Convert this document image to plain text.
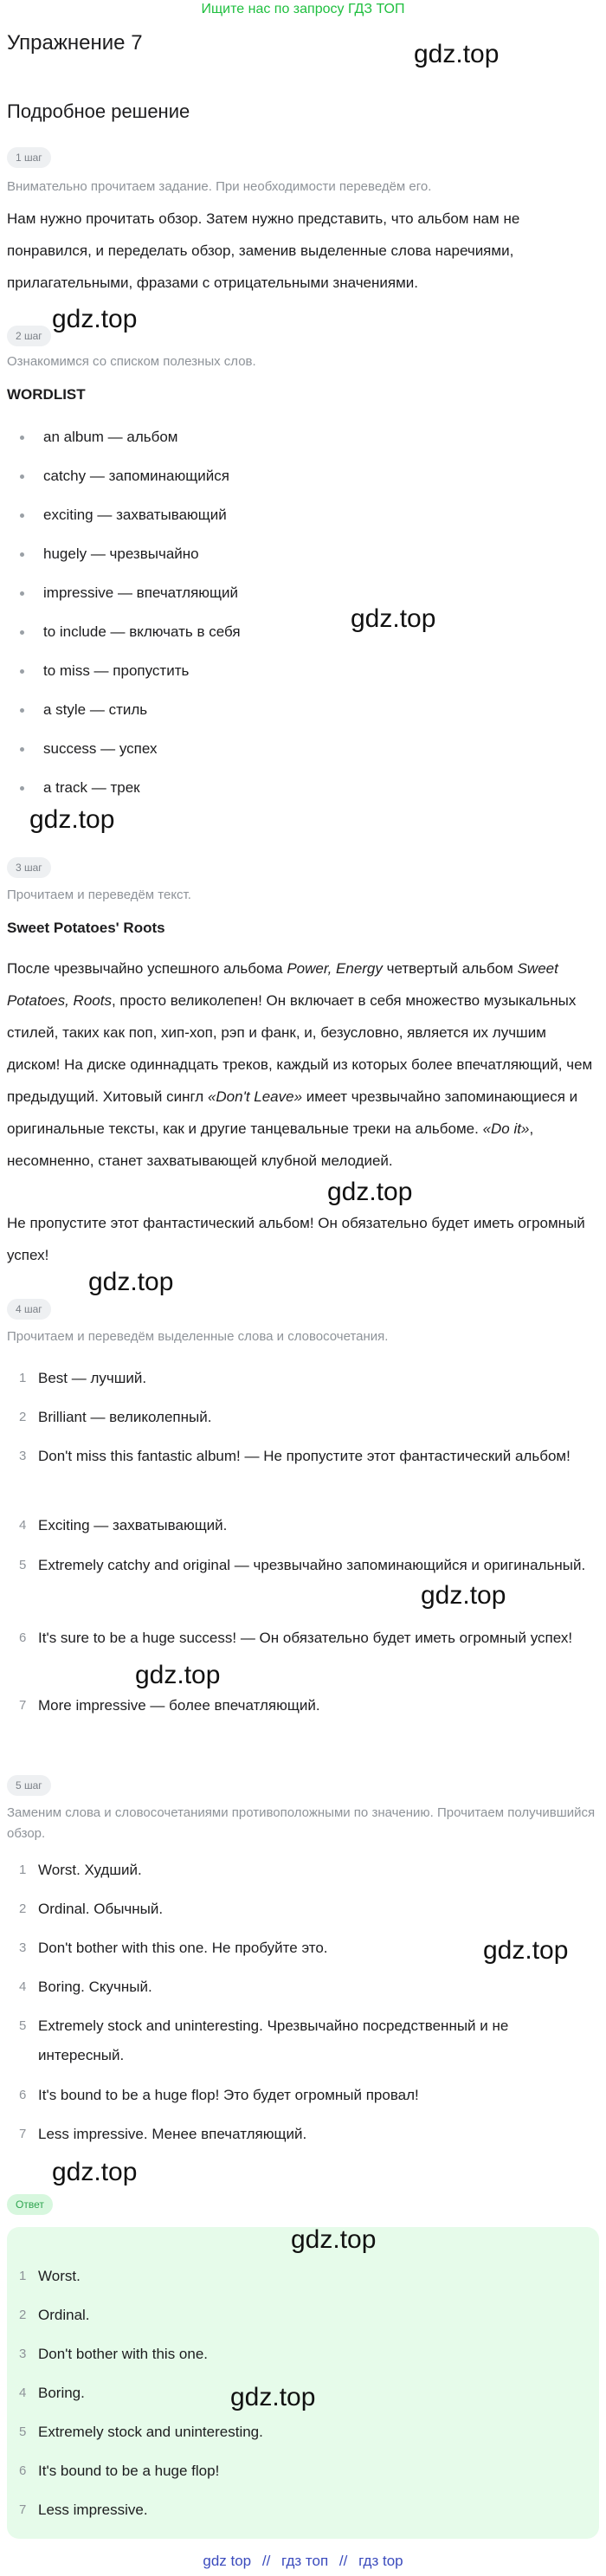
Ищите нас по запросу ГДЗ ТОП
Упражнение 7
Подробное решение
1 шаг
Внимательно прочитаем задание. При необходимости переведём его.

Нам нужно прочитать обзор. Затем нужно представить, что альбом нам не понравился, и переделать обзор, заменив выделенные слова наречиями, прилагательными, фразами с отрицательными значениями.

2 шаг
Ознакомимся со списком полезных слов.
WORDLIST
an album — альбом
catchy — запоминающийся
exciting — захватывающий
hugely — чрезвычайно
impressive — впечатляющий
to include — включать в себя
to miss — пропустить
a style — стиль
success — успех
a track — трек
3 шаг
Прочитаем и переведём текст.
Sweet Potatoes' Roots

После чрезвычайно успешного альбома Power, Energy четвертый альбом Sweet Potatoes, Roots, просто великолепен! Он включает в себя множество музыкальных стилей, таких как поп, хип-хоп, рэп и фанк, и, безусловно, является их лучшим диском! На диске одиннадцать треков, каждый из которых более впечатляющий, чем предыдущий. Хитовый сингл «Don't Leave» имеет чрезвычайно запоминающиеся и оригинальные тексты, как и другие танцевальные треки на альбоме. «Do it», несомненно, станет захватывающей клубной мелодией.

Не пропустите этот фантастический альбом! Он обязательно будет иметь огромный успех!

4 шаг
Прочитаем и переведём выделенные слова и словосочетания.
1 Best — лучший.
2 Brilliant — великолепный.
3 Don't miss this fantastic album! — Не пропустите этот фантастический альбом!
4 Exciting — захватывающий.
5 Extremely catchy and original — чрезвычайно запоминающийся и оригинальный.
6 It's sure to be a huge success! — Он обязательно будет иметь огромный успех!
7 More impressive — более впечатляющий.
5 шаг
Заменим слова и словосочетаниями противоположными по значению. Прочитаем получившийся обзор.
1 Worst. Худший.
2 Ordinal. Обычный.
3 Don't bother with this one. Не пробуйте это.
4 Boring. Скучный.
5 Extremely stock and uninteresting. Чрезвычайно посредственный и не интересный.
6 It's bound to be a huge flop! Это будет огромный провал!
7 Less impressive. Менее впечатляющий.
Ответ
1 Worst.
2 Ordinal.
3 Don't bother with this one.
4 Boring.
5 Extremely stock and uninteresting.
6 It's bound to be a huge flop!
7 Less impressive.
gdz.top
gdz.top
gdz.top
gdz.top
gdz.top
gdz.top
gdz.top
gdz.top
gdz.top
gdz.top
gdz.top
gdz.top
gdz top // гдз топ // гдз top
